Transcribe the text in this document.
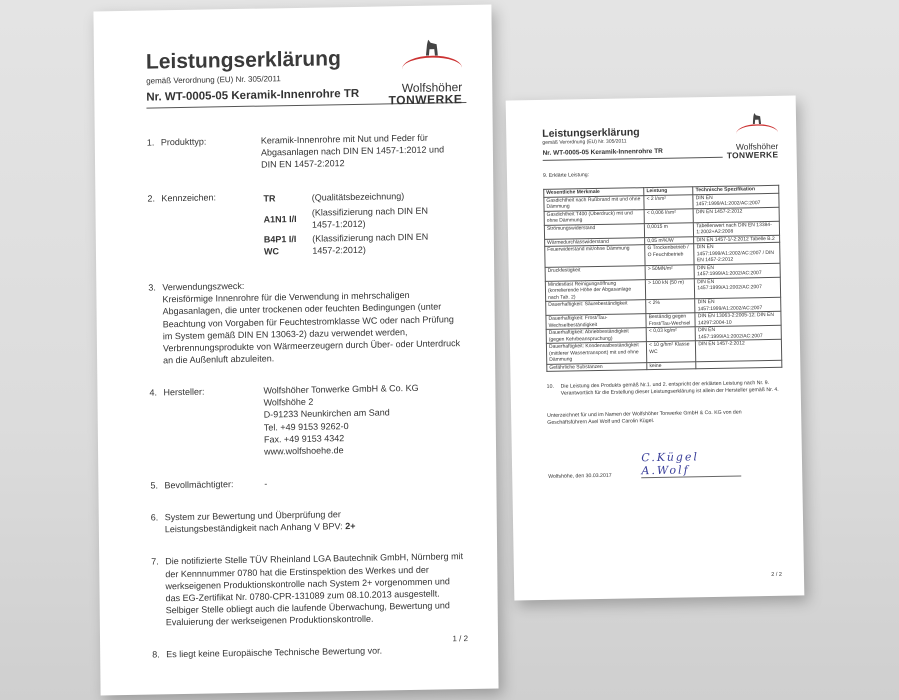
Leistungserklärung
gemäß Verordnung (EU) Nr. 305/2011
Nr. WT-0005-05 Keramik-Innenrohre TR
Wolfshöher
TONWERKE
1. Produkttyp:	Keramik-Innenrohre mit Nut und Feder für Abgasanlagen nach DIN EN 1457-1:2012 und DIN EN 1457-2:2012
2. Kennzeichen:	TR	(Qualitätsbezeichnung)
A1N1 I/I	(Klassifizierung nach DIN EN 1457-1:2012)
B4P1 I/I WC	(Klassifizierung nach DIN EN 1457-2:2012)
3. Verwendungszweck:
Kreisförmige Innenrohre für die Verwendung in mehrschaligen Abgasanlagen, die unter trockenen oder feuchten Bedingungen (unter Beachtung von Vorgaben für Feuchtestromklasse WC oder nach Prüfung im System gemäß DIN EN 13063-2) dazu verwendet werden, Verbrennungsprodukte von Wärmeerzeugern durch Über- oder Unterdruck an die Außenluft abzuleiten.
4. Hersteller:	Wolfshöher Tonwerke GmbH & Co. KG
Wolfshöhe 2
D-91233 Neunkirchen am Sand
Tel. +49 9153 9262-0
Fax. +49 9153 4342
www.wolfshoehe.de
5. Bevollmächtigter:	-
6. System zur Bewertung und Überprüfung der Leistungsbeständigkeit nach Anhang V BPV: 2+
7. Die notifizierte Stelle TÜV Rheinland LGA Bautechnik GmbH, Nürnberg mit der Kennnummer 0780 hat die Erstinspektion des Werkes und der werkseigenen Produktionskontrolle nach System 2+ vorgenommen und das EG-Zertifikat Nr. 0780-CPR-131089 zum 08.10.2013 ausgestellt. Selbiger Stelle obliegt auch die laufende Überwachung, Bewertung und Evaluierung der werkseigenen Produktionskontrolle.
8. Es liegt keine Europäische Technische Bewertung vor.
1 / 2
Leistungserklärung
gemäß Verordnung (EU) Nr. 305/2011
Nr. WT-0005-05 Keramik-Innenrohre TR
Wolfshöher
TONWERKE
9. Erklärte Leistung:
Wesentliche Merkmale	Leistung	Technische Spezifikation
Gasdichtheit nach Rußbrand mit und ohne Dämmung	< 2 l/sm²	DIN EN 1457:1999/A1:2002/AC:2007
Gasdichtheit T400 (Überdruck) mit und ohne Dämmung	< 0,006 l/sm²	DIN EN 1457-2:2012
Strömungswiderstand	0,0015 m	Tabellenwert nach DIN EN 13384-1:2002+A2:2008
Wärmedurchlasswiderstand	0,05 m²K/W	DIN EN 1457-1/-2:2012 Tabelle B.2
Feuerwiderstand mit/ohne Dämmung	G Trockenbetrieb / O Feuchtbetrieb	DIN EN 1457:1999/A1:2002/AC:2007 / DIN EN 1457-2:2012
Druckfestigkeit	> 50MN/m²	DIN EN 1457:1999/A1:2002/AC:2007
Mindestlast Reinigungsöffnung (korrelierende Höhe der Abgasanlage nach Tab. 2)	> 100 kN (50 m)	DIN EN 1457:1999/A1:2002/AC:2007
Dauerhaftigkeit: Säurebeständigkeit	< 2%	DIN EN 1457:1999/A1:2002/AC:2007
Dauerhaftigkeit: Frost/Tau-Wechselbeständigkeit	Beständig gegen Frost/Tau-Wechsel	DIN EN 13063-2:2005-12; DIN EN 14297:2004-10
Dauerhaftigkeit: Abriebbeständigkeit (gegen Kehrbeanspruchung)	< 0,03 kg/m²	DIN EN 1457:1999/A1:2002/AC:2007
Dauerhaftigkeit: Kondensatbeständigkeit (mittlerer Wassertransport) mit und ohne Dämmung	< 10 g/hm² Klasse WC	DIN EN 1457-2:2012
Gefährliche Substanzen	keine	
10.	Die Leistung des Produkts gemäß Nr.1. und 2. entspricht der erklärten Leistung nach Nr. 9. Verantwortlich für die Erstellung dieser Leistungserklärung ist allein der Hersteller gemäß Nr. 4.
Unterzeichnet für und im Namen der Wolfshöher Tonwerke GmbH & Co. KG von den Geschäftsführern Axel Wolf und Carolin Kügel.
Wolfshöhe, den 30.03.2017
C.Kügel A.Wolf
2 / 2
